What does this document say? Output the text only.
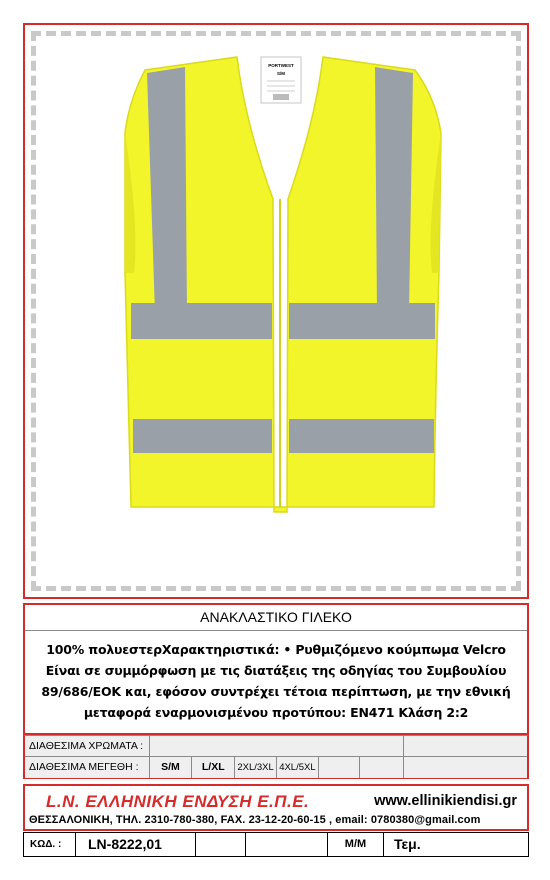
PORTWEST
S/M
ΑΝΑΚΛΑΣΤΙΚΟ ΓΙΛΕΚΟ
100% πολυεστερΧαρακτηριστικά: • Ρυθμιζόμενο κούμπωμα Velcro Είναι σε συμμόρφωση με τις διατάξεις της οδηγίας του Συμβουλίου 89/686/ΕΟΚ και, εφόσον συντρέχει τέτοια περίπτωση, με την εθνική μεταφορά εναρμονισμένου προτύπου: EN471 Κλάση 2:2
ΔΙΑΘΕΣΙΜΑ ΧΡΩΜΑΤΑ :
ΔΙΑΘΕΣΙΜΑ ΜΕΓΕΘΗ :	S/M	L/XL	2XL/3XL 4XL/5XL
L.N. ΕΛΛΗΝΙΚΗ ΕΝΔΥΣΗ Ε.Π.Ε.	www.ellinikiendisi.gr
ΘΕΣΣΑΛΟΝΙΚΗ, ΤΗΛ. 2310-780-380, FAX. 23-12-20-60-15 , email: 0780380@gmail.com
ΚΩΔ. :	LN-8222,01	Μ/Μ	Τεμ.
